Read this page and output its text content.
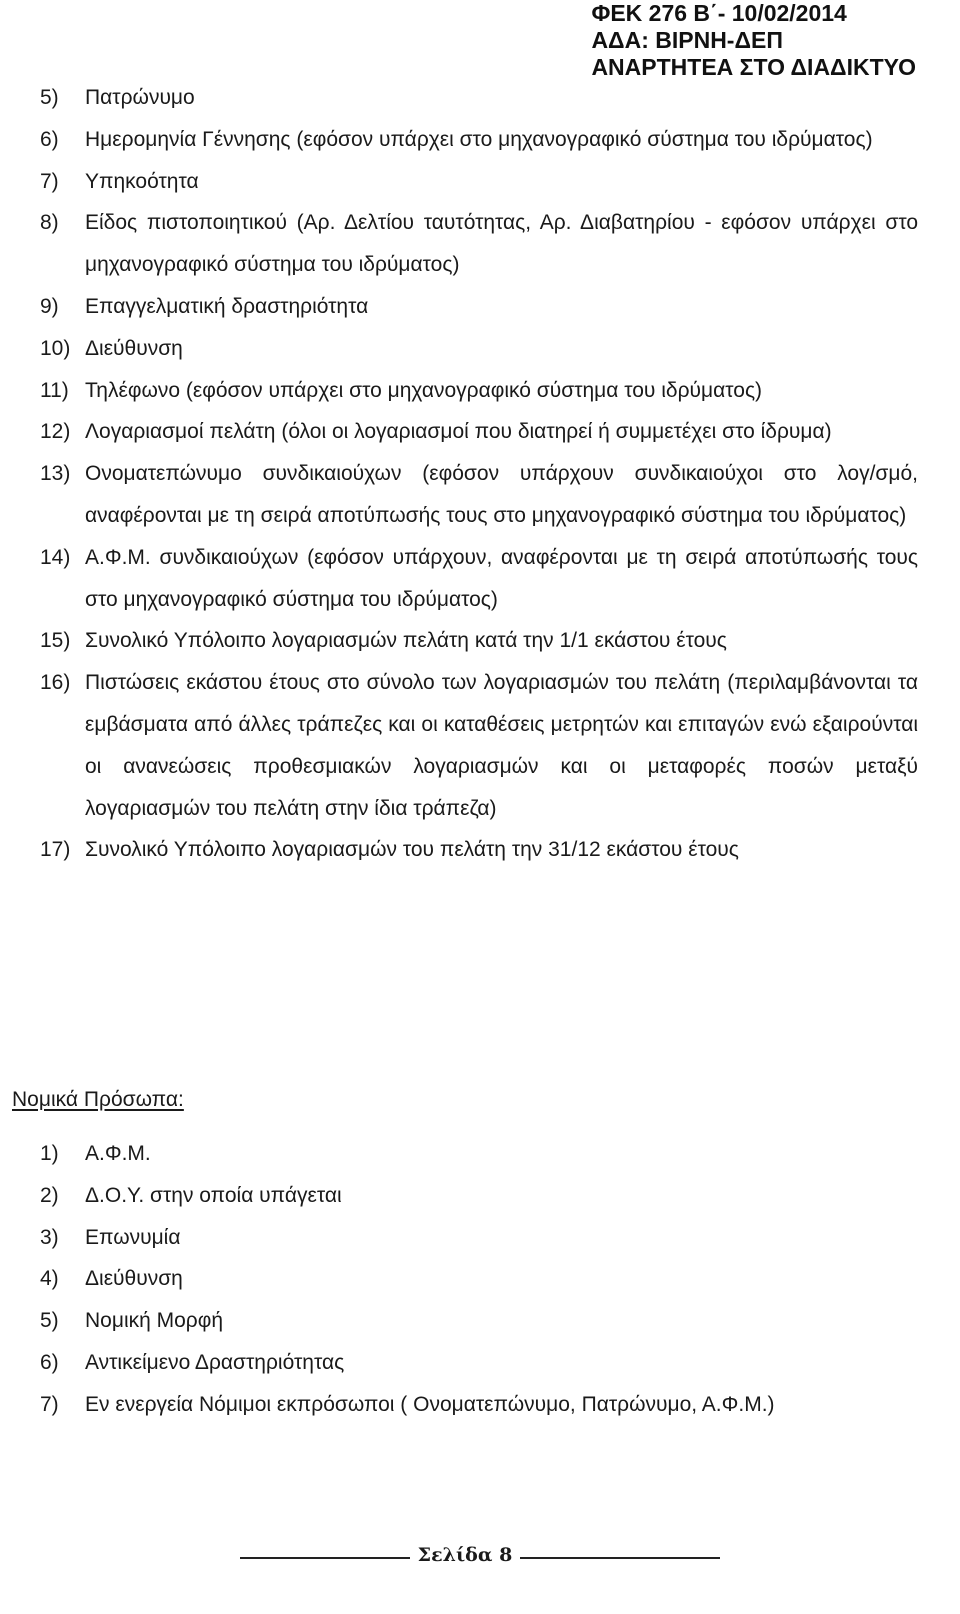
ΦΕΚ 276 Β΄- 10/02/2014
ΑΔΑ: ΒΙΡΝΗ-ΔΕΠ
ΑΝΑΡΤΗΤΕΑ ΣΤΟ ΔΙΑΔΙΚΤΥΟ
5)	Πατρώνυμο
6)	Ημερομηνία Γέννησης (εφόσον υπάρχει στο μηχανογραφικό σύστημα του ιδρύματος)
7)	Υπηκοότητα
8)	Είδος πιστοποιητικού (Αρ. Δελτίου ταυτότητας, Αρ. Διαβατηρίου - εφόσον υπάρχει στο μηχανογραφικό σύστημα του ιδρύματος)
9)	Επαγγελματική δραστηριότητα
10) Διεύθυνση
11) Τηλέφωνο (εφόσον υπάρχει στο μηχανογραφικό σύστημα του ιδρύματος)
12) Λογαριασμοί πελάτη (όλοι οι λογαριασμοί που διατηρεί ή συμμετέχει στο ίδρυμα)
13) Ονοματεπώνυμο συνδικαιούχων (εφόσον υπάρχουν συνδικαιούχοι στο λογ/σμό, αναφέρονται με τη σειρά αποτύπωσής τους στο μηχανογραφικό σύστημα του ιδρύματος)
14) Α.Φ.Μ. συνδικαιούχων (εφόσον υπάρχουν, αναφέρονται με τη σειρά αποτύπωσής τους στο μηχανογραφικό σύστημα του ιδρύματος)
15) Συνολικό Υπόλοιπο λογαριασμών πελάτη κατά την 1/1 εκάστου έτους
16) Πιστώσεις εκάστου έτους στο σύνολο των λογαριασμών του πελάτη (περιλαμβάνονται τα εμβάσματα από άλλες τράπεζες και οι καταθέσεις μετρητών και επιταγών ενώ εξαιρούνται οι ανανεώσεις προθεσμιακών λογαριασμών και οι μεταφορές ποσών μεταξύ λογαριασμών του πελάτη στην ίδια τράπεζα)
17) Συνολικό Υπόλοιπο λογαριασμών του πελάτη την 31/12 εκάστου έτους
Νομικά Πρόσωπα:
1)	Α.Φ.Μ.
2)	Δ.Ο.Υ. στην οποία υπάγεται
3)	Επωνυμία
4)	Διεύθυνση
5)	Νομική Μορφή
6)	Αντικείμενο Δραστηριότητας
7)	Εν ενεργεία Νόμιμοι εκπρόσωποι ( Ονοματεπώνυμο, Πατρώνυμο, Α.Φ.Μ.)
Σελίδα 8
